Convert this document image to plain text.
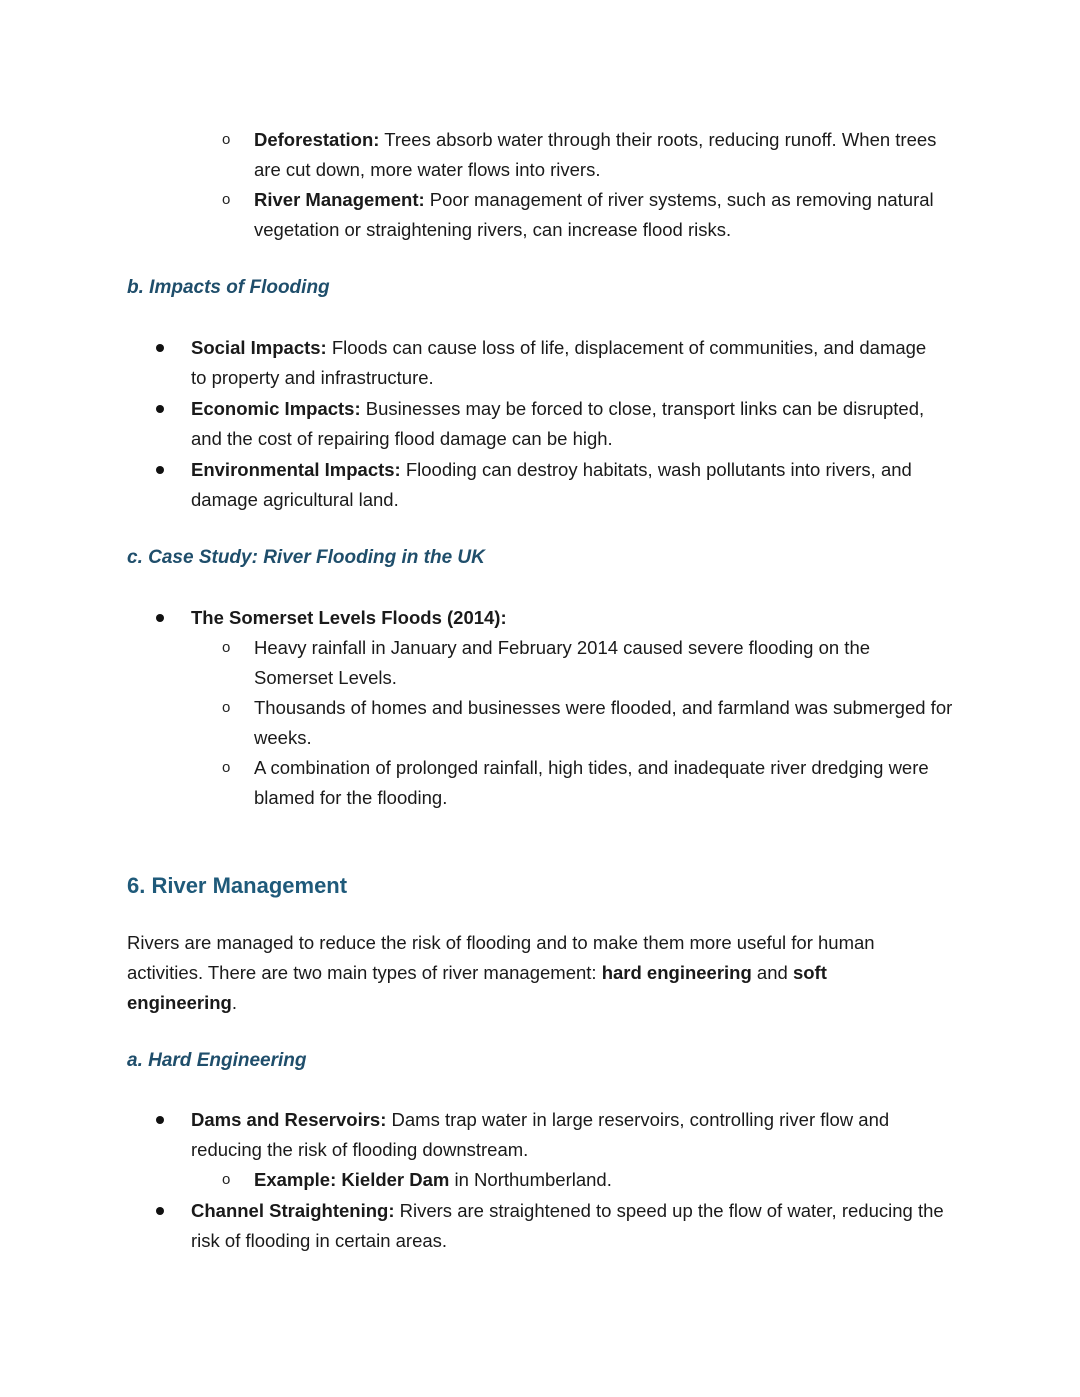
o Deforestation: Trees absorb water through their roots, reducing runoff. When trees are cut down, more water flows into rivers.
o River Management: Poor management of river systems, such as removing natural vegetation or straightening rivers, can increase flood risks.
b. Impacts of Flooding
Social Impacts: Floods can cause loss of life, displacement of communities, and damage to property and infrastructure.
Economic Impacts: Businesses may be forced to close, transport links can be disrupted, and the cost of repairing flood damage can be high.
Environmental Impacts: Flooding can destroy habitats, wash pollutants into rivers, and damage agricultural land.
c. Case Study: River Flooding in the UK
The Somerset Levels Floods (2014):
o Heavy rainfall in January and February 2014 caused severe flooding on the Somerset Levels.
o Thousands of homes and businesses were flooded, and farmland was submerged for weeks.
o A combination of prolonged rainfall, high tides, and inadequate river dredging were blamed for the flooding.
6. River Management
Rivers are managed to reduce the risk of flooding and to make them more useful for human activities. There are two main types of river management: hard engineering and soft engineering.
a. Hard Engineering
Dams and Reservoirs: Dams trap water in large reservoirs, controlling river flow and reducing the risk of flooding downstream.
o Example: Kielder Dam in Northumberland.
Channel Straightening: Rivers are straightened to speed up the flow of water, reducing the risk of flooding in certain areas.
